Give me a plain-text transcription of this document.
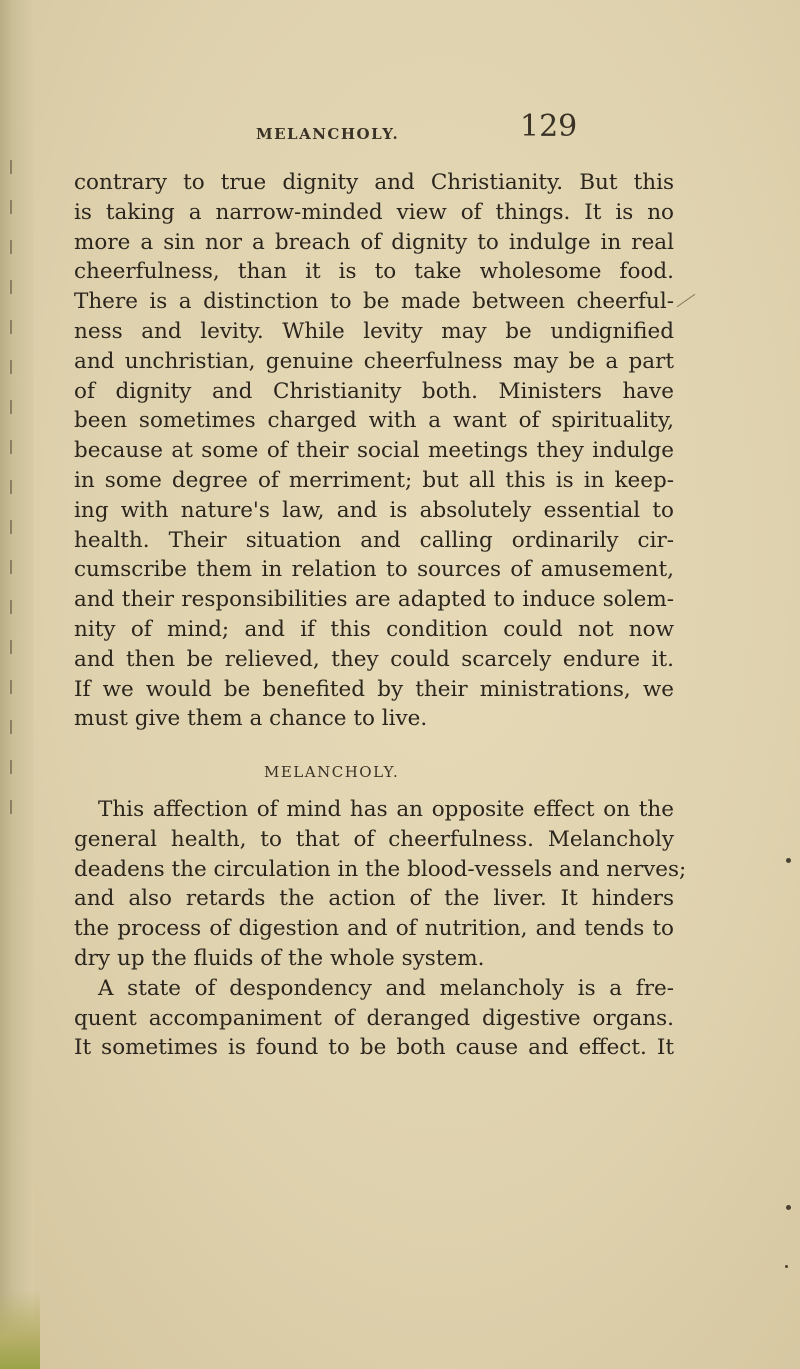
MELANCHOLY.	129
contrary to true dignity and Christianity. But this
is taking a narrow-minded view of things. It is no
more a sin nor a breach of dignity to indulge in real
cheerfulness, than it is to take wholesome food.
There is a distinction to be made between cheerful-
ness and levity. While levity may be undignified
and unchristian, genuine cheerfulness may be a part
of dignity and Christianity both. Ministers have
been sometimes charged with a want of spirituality,
because at some of their social meetings they indulge
in some degree of merriment; but all this is in keep-
ing with nature's law, and is absolutely essential to
health. Their situation and calling ordinarily cir-
cumscribe them in relation to sources of amusement,
and their responsibilities are adapted to induce solem-
nity of mind; and if this condition could not now
and then be relieved, they could scarcely endure it.
If we would be benefited by their ministrations, we
must give them a chance to live.
MELANCHOLY.
This affection of mind has an opposite effect on the
general health, to that of cheerfulness. Melancholy
deadens the circulation in the blood-vessels and nerves;
and also retards the action of the liver. It hinders
the process of digestion and of nutrition, and tends to
dry up the fluids of the whole system.
A state of despondency and melancholy is a fre-
quent accompaniment of deranged digestive organs.
It sometimes is found to be both cause and effect. It
